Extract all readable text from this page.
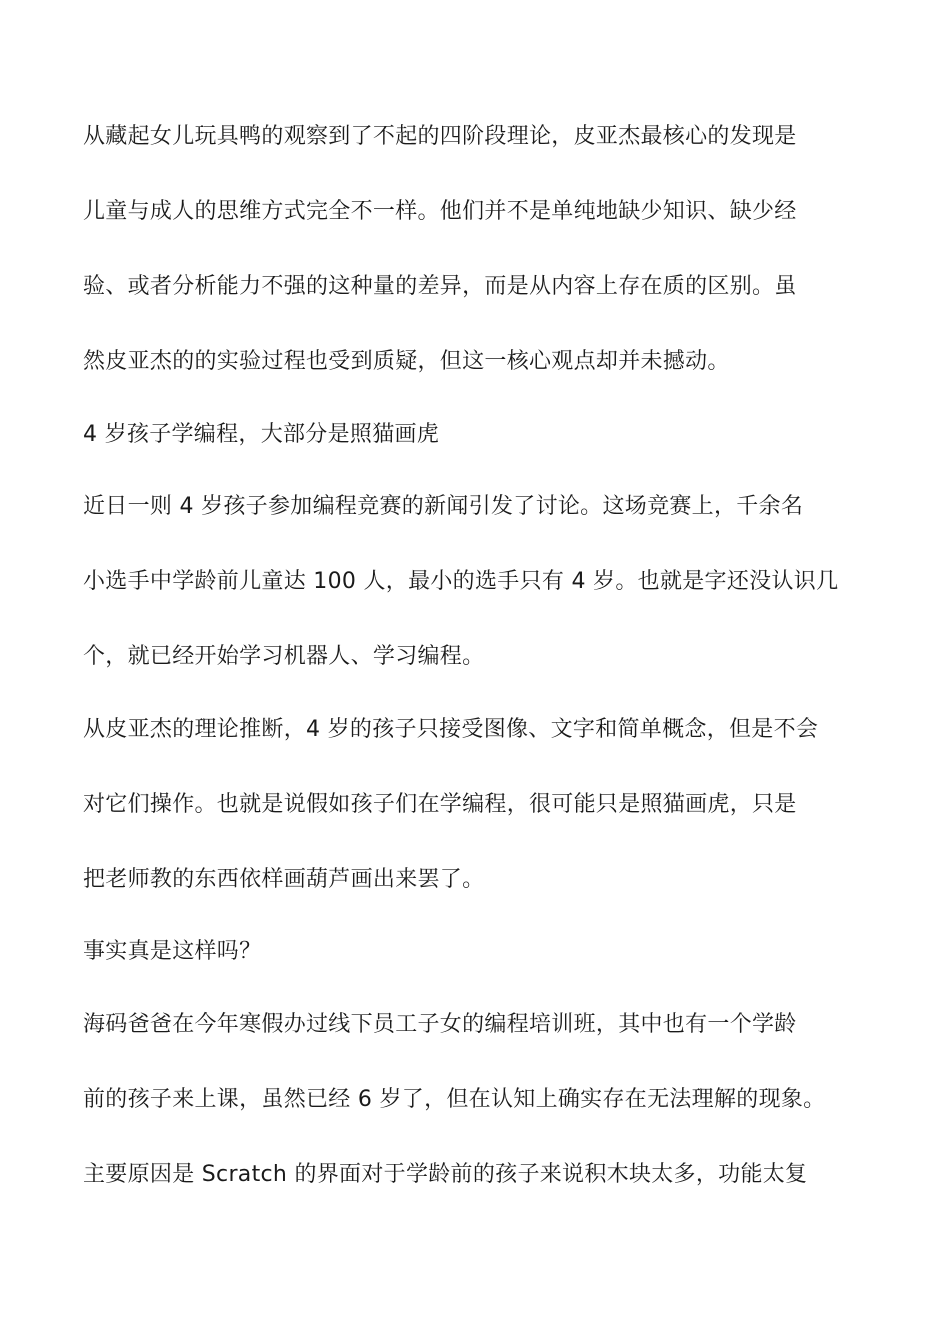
从藏起女儿玩具鸭的观察到了不起的四阶段理论，皮亚杰最核心的发现是
儿童与成人的思维方式完全不一样。他们并不是单纯地缺少知识、缺少经
验、或者分析能力不强的这种量的差异，而是从内容上存在质的区别。虽
然皮亚杰的的实验过程也受到质疑，但这一核心观点却并未撼动。
4 岁孩子学编程，大部分是照猫画虎
近日一则 4 岁孩子参加编程竞赛的新闻引发了讨论。这场竞赛上，千余名
小选手中学龄前儿童达 100 人，最小的选手只有 4 岁。也就是字还没认识几
个，就已经开始学习机器人、学习编程。
从皮亚杰的理论推断，4 岁的孩子只接受图像、文字和简单概念，但是不会
对它们操作。也就是说假如孩子们在学编程，很可能只是照猫画虎，只是
把老师教的东西依样画葫芦画出来罢了。
事实真是这样吗？
海码爸爸在今年寒假办过线下员工子女的编程培训班，其中也有一个学龄
前的孩子来上课，虽然已经 6 岁了，但在认知上确实存在无法理解的现象。
主要原因是 Scratch 的界面对于学龄前的孩子来说积木块太多，功能太复
